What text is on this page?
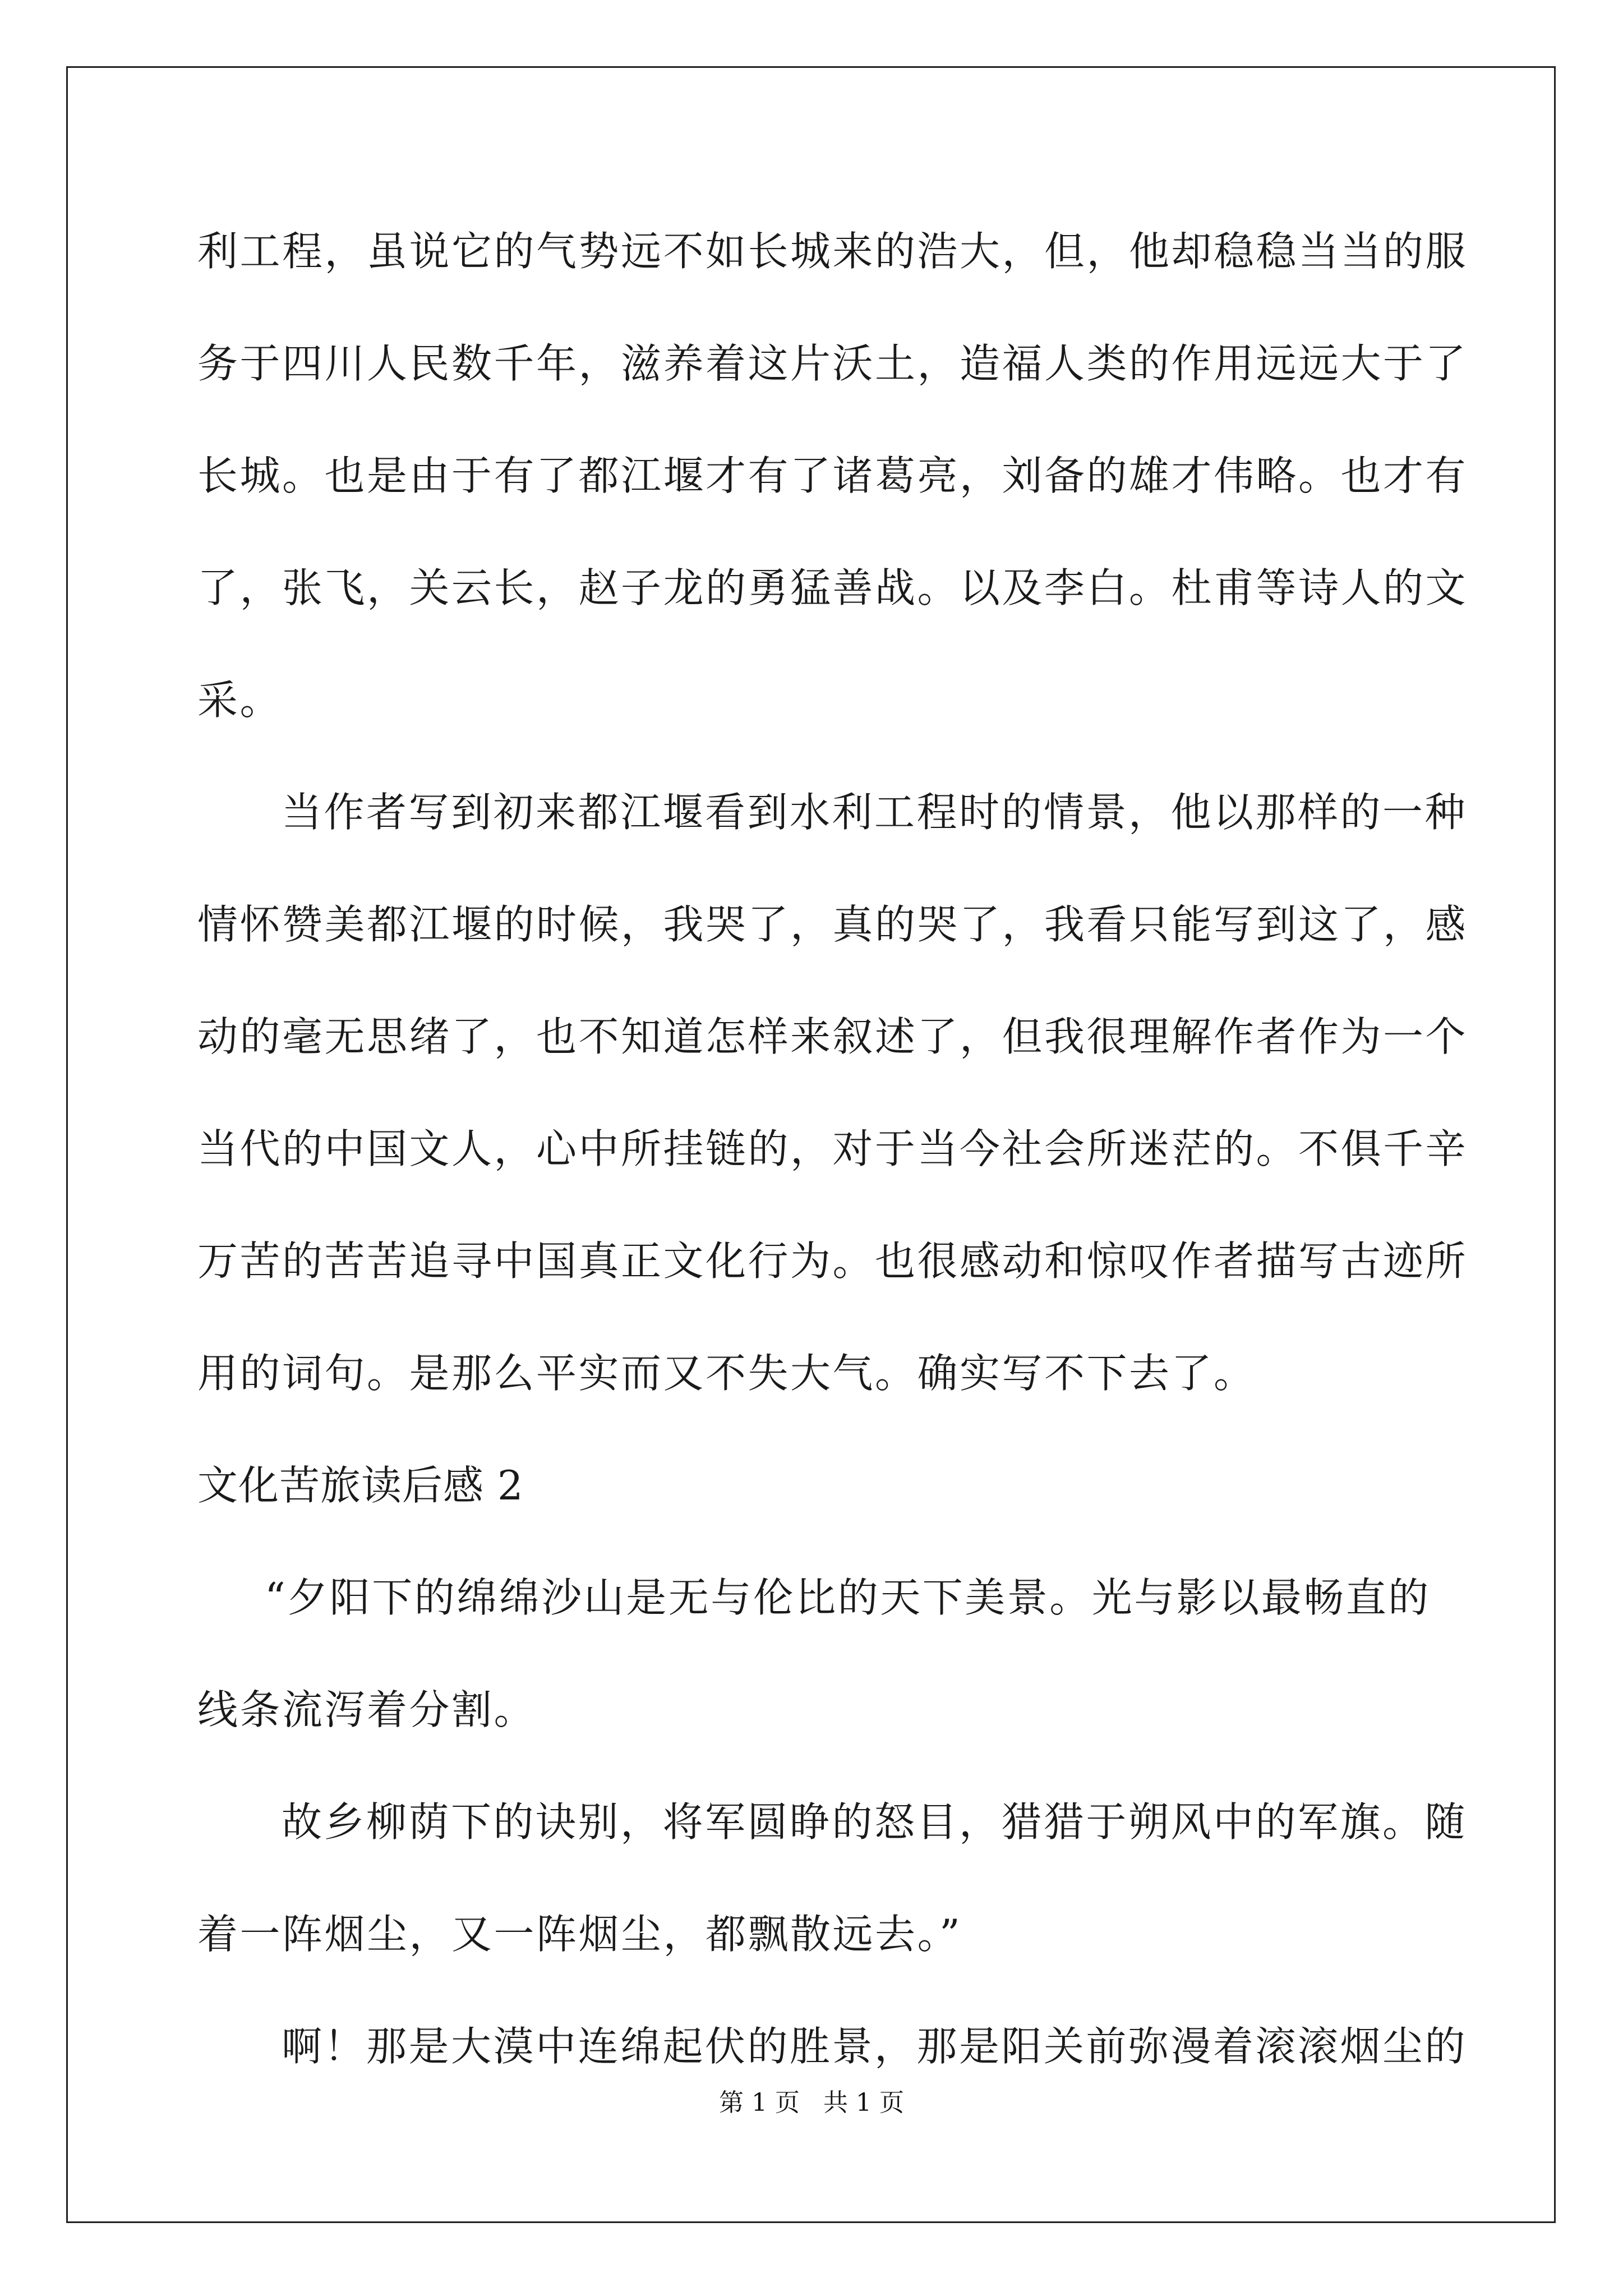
利工程，虽说它的气势远不如长城来的浩大，但，他却稳稳当当的服
务于四川人民数千年，滋养着这片沃土，造福人类的作用远远大于了
长城。也是由于有了都江堰才有了诸葛亮，刘备的雄才伟略。也才有
了，张飞，关云长，赵子龙的勇猛善战。以及李白。杜甫等诗人的文
采。
当作者写到初来都江堰看到水利工程时的情景，他以那样的一种
情怀赞美都江堰的时候，我哭了，真的哭了，我看只能写到这了，感
动的毫无思绪了，也不知道怎样来叙述了，但我很理解作者作为一个
当代的中国文人，心中所挂链的，对于当今社会所迷茫的。不俱千辛
万苦的苦苦追寻中国真正文化行为。也很感动和惊叹作者描写古迹所
用的词句。是那么平实而又不失大气。确实写不下去了。
文化苦旅读后感 2
“夕阳下的绵绵沙山是无与伦比的天下美景。光与影以最畅直的
线条流泻着分割。
故乡柳荫下的诀别，将军圆睁的怒目，猎猎于朔风中的军旗。随
着一阵烟尘，又一阵烟尘，都飘散远去。”
啊！那是大漠中连绵起伏的胜景，那是阳关前弥漫着滚滚烟尘的
第 1 页 共 1 页
